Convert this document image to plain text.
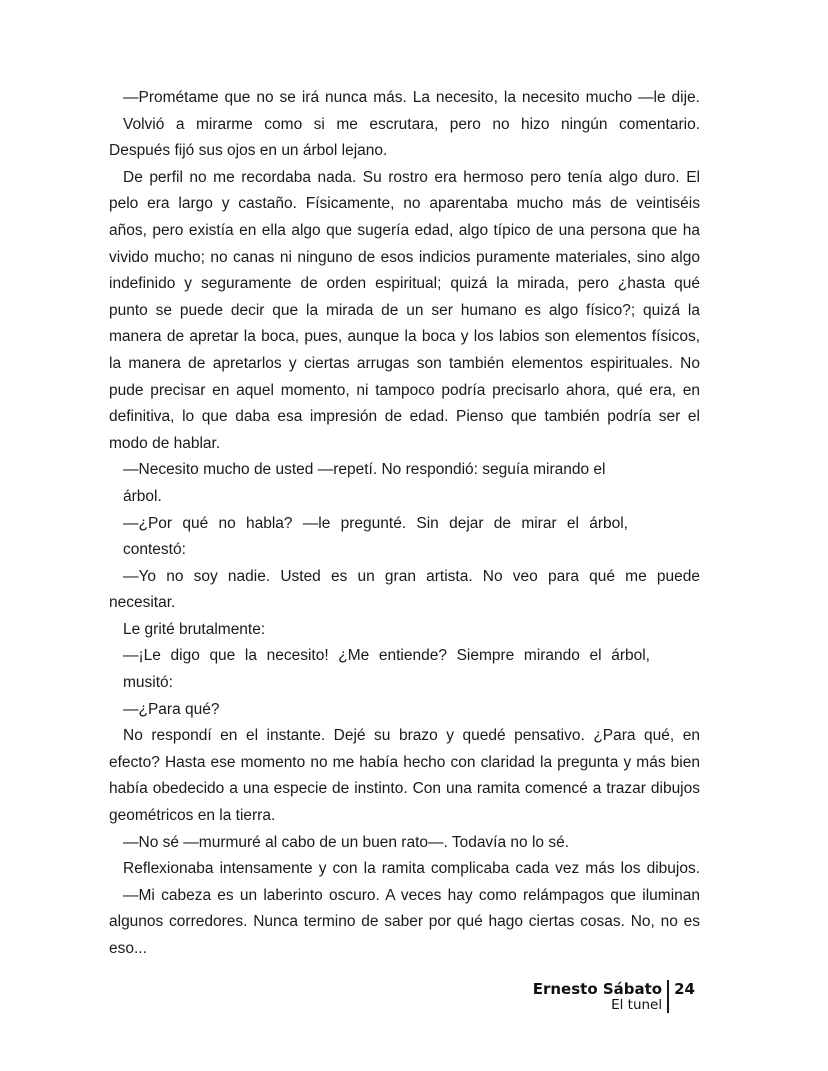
—Prométame que no se irá nunca más. La necesito, la necesito mucho —le dije.
Volvió a mirarme como si me escrutara, pero no hizo ningún comentario.
Después fijó sus ojos en un árbol lejano.
De perfil no me recordaba nada. Su rostro era hermoso pero tenía algo duro. El
pelo era largo y castaño. Físicamente, no aparentaba mucho más de veintiséis
años, pero existía en ella algo que sugería edad, algo típico de una persona que ha
vivido mucho; no canas ni ninguno de esos indicios puramente materiales, sino algo
indefinido y seguramente de orden espiritual; quizá la mirada, pero ¿hasta qué
punto se puede decir que la mirada de un ser humano es algo físico?; quizá la
manera de apretar la boca, pues, aunque la boca y los labios son elementos físicos,
la manera de apretarlos y ciertas arrugas son también elementos espirituales. No
pude precisar en aquel momento, ni tampoco podría precisarlo ahora, qué era, en
definitiva, lo que daba esa impresión de edad. Pienso que también podría ser el
modo de hablar.
—Necesito mucho de usted —repetí. No respondió: seguía mirando el
árbol.
—¿Por qué no habla? —le pregunté. Sin dejar de mirar el árbol,
contestó:
—Yo no soy nadie. Usted es un gran artista. No veo para qué me puede
necesitar.
Le grité brutalmente:
—¡Le digo que la necesito! ¿Me entiende? Siempre mirando el árbol,
musitó:
—¿Para qué?
No respondí en el instante. Dejé su brazo y quedé pensativo. ¿Para qué, en
efecto? Hasta ese momento no me había hecho con claridad la pregunta y más bien
había obedecido a una especie de instinto. Con una ramita comencé a trazar dibujos
geométricos en la tierra.
—No sé —murmuré al cabo de un buen rato—. Todavía no lo sé.
Reflexionaba intensamente y con la ramita complicaba cada vez más los dibujos.
—Mi cabeza es un laberinto oscuro. A veces hay como relámpagos que iluminan
algunos corredores. Nunca termino de saber por qué hago ciertas cosas. No, no es
eso...
Ernesto Sábato
El tunel
24
